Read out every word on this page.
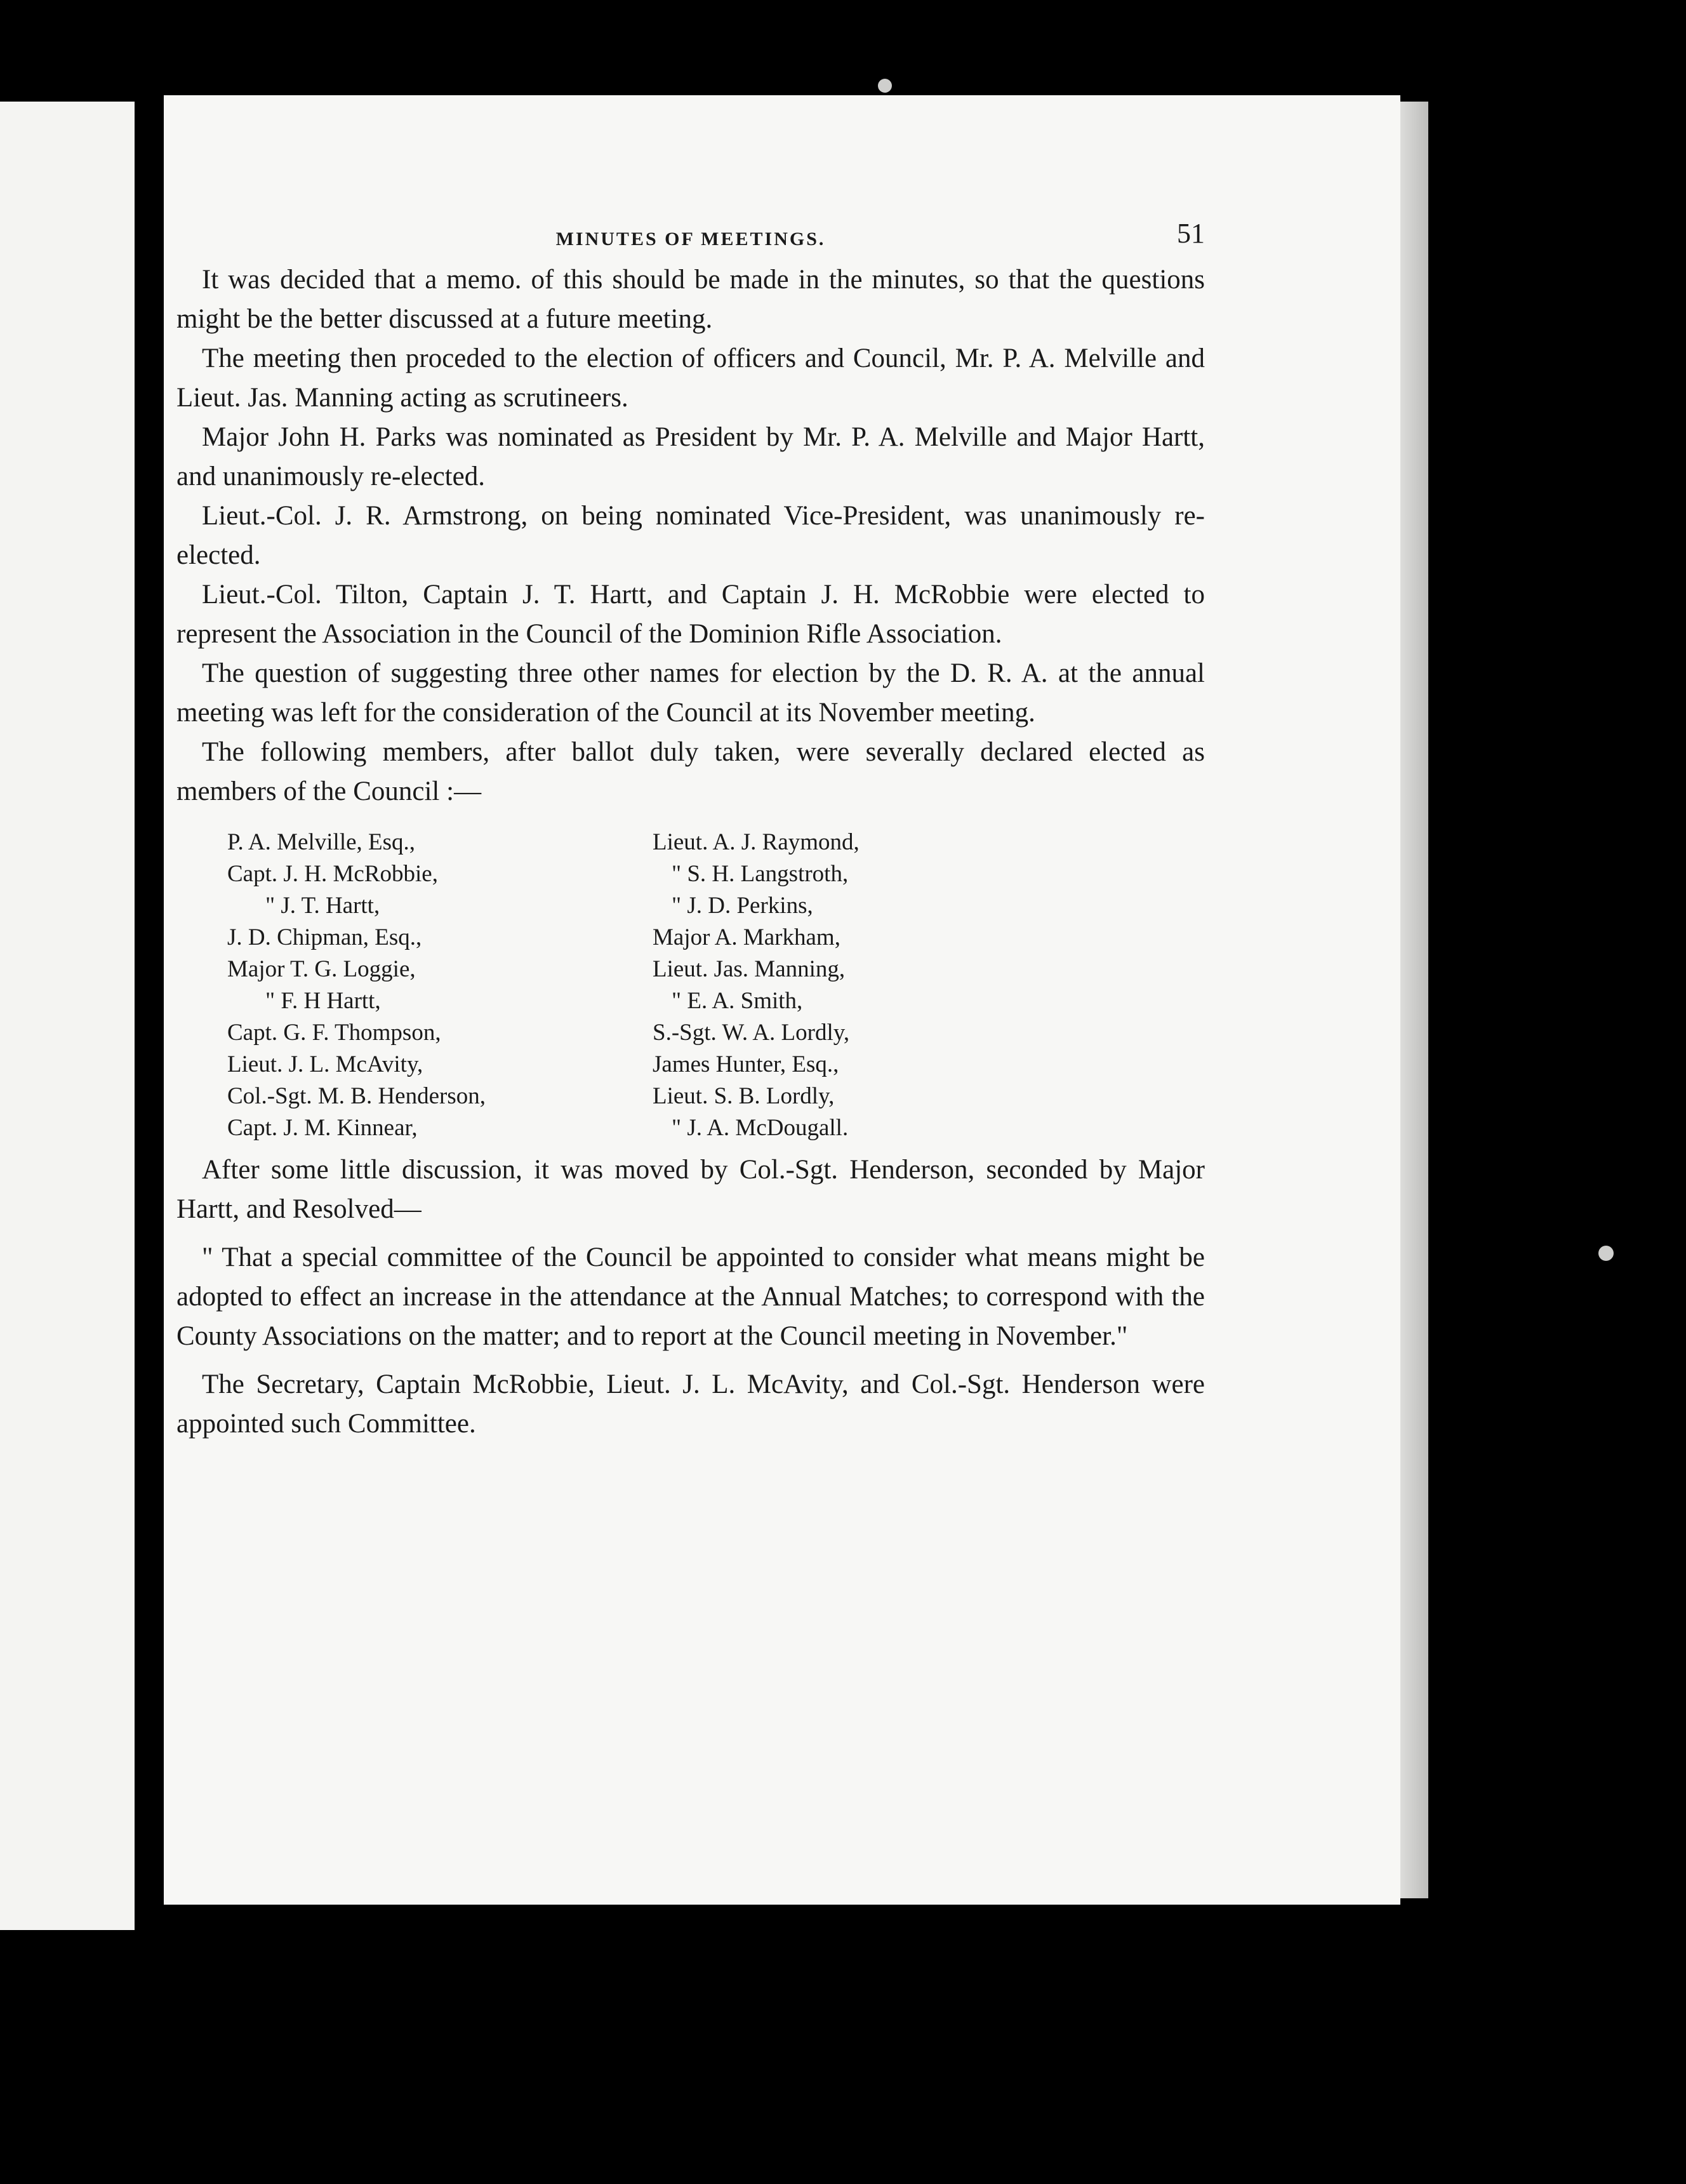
MINUTES OF MEETINGS.	51

It was decided that a memo. of this should be made in the minutes, so that the questions might be the better discussed at a future meeting.

The meeting then proceded to the election of officers and Council, Mr. P. A. Melville and Lieut. Jas. Manning acting as scrutineers.

Major John H. Parks was nominated as President by Mr. P. A. Melville and Major Hartt, and unanimously re-elected.

Lieut.-Col. J. R. Armstrong, on being nominated Vice-President, was unanimously re-elected.

Lieut.-Col. Tilton, Captain J. T. Hartt, and Captain J. H. McRobbie were elected to represent the Association in the Council of the Dominion Rifle Association.

The question of suggesting three other names for election by the D. R. A. at the annual meeting was left for the consideration of the Council at its November meeting.

The following members, after ballot duly taken, were severally declared elected as members of the Council :—

P. A. Melville, Esq.,
Capt. J. H. McRobbie,
" J. T. Hartt,
J. D. Chipman, Esq.,
Major T. G. Loggie,
" F. H Hartt,
Capt. G. F. Thompson,
Lieut. J. L. McAvity,
Col.-Sgt. M. B. Henderson,
Capt. J. M. Kinnear,
Lieut. A. J. Raymond,
" S. H. Langstroth,
" J. D. Perkins,
Major A. Markham,
Lieut. Jas. Manning,
" E. A. Smith,
S.-Sgt. W. A. Lordly,
James Hunter, Esq.,
Lieut. S. B. Lordly,
" J. A. McDougall.

After some little discussion, it was moved by Col.-Sgt. Henderson, seconded by Major Hartt, and Resolved—

" That a special committee of the Council be appointed to consider what means might be adopted to effect an increase in the attendance at the Annual Matches; to correspond with the County Associations on the matter; and to report at the Council meeting in November."

The Secretary, Captain McRobbie, Lieut. J. L. McAvity, and Col.-Sgt. Henderson were appointed such Committee.
